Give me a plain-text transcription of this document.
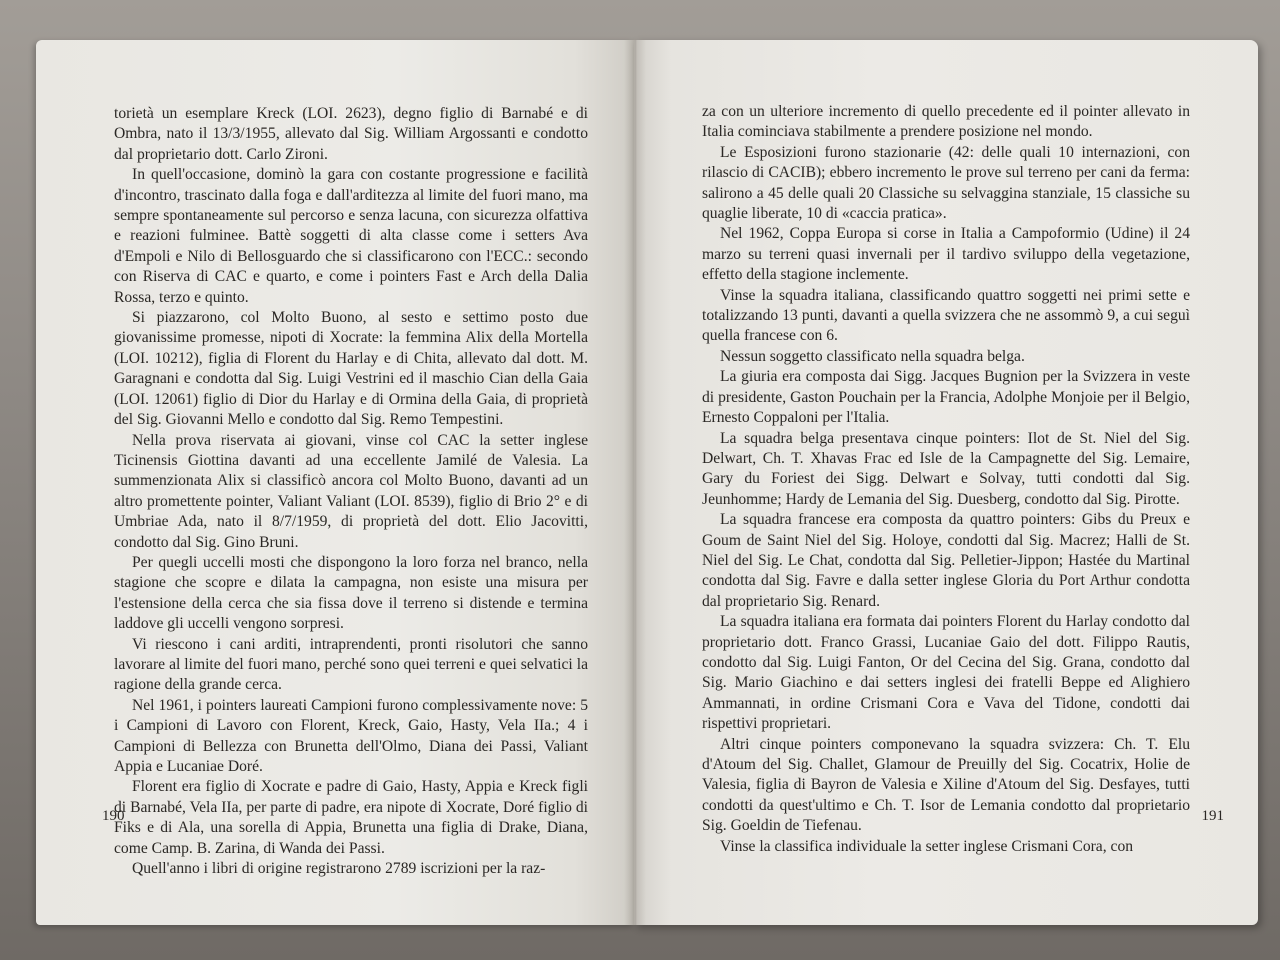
torietà un esemplare Kreck (LOI. 2623), degno figlio di Barnabé e di Ombra, nato il 13/3/1955, allevato dal Sig. William Argossanti e condotto dal proprietario dott. Carlo Zironi.

In quell'occasione, dominò la gara con costante progressione e facilità d'incontro, trascinato dalla foga e dall'arditezza al limite del fuori mano, ma sempre spontaneamente sul percorso e senza lacuna, con sicurezza olfattiva e reazioni fulminee. Battè soggetti di alta classe come i setters Ava d'Empoli e Nilo di Bellosguardo che si classificarono con l'ECC.: secondo con Riserva di CAC e quarto, e come i pointers Fast e Arch della Dalia Rossa, terzo e quinto.

Si piazzarono, col Molto Buono, al sesto e settimo posto due giovanissime promesse, nipoti di Xocrate: la femmina Alix della Mortella (LOI. 10212), figlia di Florent du Harlay e di Chita, allevato dal dott. M. Garagnani e condotta dal Sig. Luigi Vestrini ed il maschio Cian della Gaia (LOI. 12061) figlio di Dior du Harlay e di Ormina della Gaia, di proprietà del Sig. Giovanni Mello e condotto dal Sig. Remo Tempestini.

Nella prova riservata ai giovani, vinse col CAC la setter inglese Ticinensis Giottina davanti ad una eccellente Jamilé de Valesia. La summenzionata Alix si classificò ancora col Molto Buono, davanti ad un altro promettente pointer, Valiant Valiant (LOI. 8539), figlio di Brio 2° e di Umbriae Ada, nato il 8/7/1959, di proprietà del dott. Elio Jacovitti, condotto dal Sig. Gino Bruni.

Per quegli uccelli mosti che dispongono la loro forza nel branco, nella stagione che scopre e dilata la campagna, non esiste una misura per l'estensione della cerca che sia fissa dove il terreno si distende e termina laddove gli uccelli vengono sorpresi.

Vi riescono i cani arditi, intraprendenti, pronti risolutori che sanno lavorare al limite del fuori mano, perché sono quei terreni e quei selvatici la ragione della grande cerca.

Nel 1961, i pointers laureati Campioni furono complessivamente nove: 5 i Campioni di Lavoro con Florent, Kreck, Gaio, Hasty, Vela IIa.; 4 i Campioni di Bellezza con Brunetta dell'Olmo, Diana dei Passi, Valiant Appia e Lucaniae Doré.

Florent era figlio di Xocrate e padre di Gaio, Hasty, Appia e Kreck figli di Barnabé, Vela IIa, per parte di padre, era nipote di Xocrate, Doré figlio di Fiks e di Ala, una sorella di Appia, Brunetta una figlia di Drake, Diana, come Camp. B. Zarina, di Wanda dei Passi.

Quell'anno i libri di origine registrarono 2789 iscrizioni per la raz-

190

za con un ulteriore incremento di quello precedente ed il pointer allevato in Italia cominciava stabilmente a prendere posizione nel mondo.

Le Esposizioni furono stazionarie (42: delle quali 10 internazioni, con rilascio di CACIB); ebbero incremento le prove sul terreno per cani da ferma: salirono a 45 delle quali 20 Classiche su selvaggina stanziale, 15 classiche su quaglie liberate, 10 di «caccia pratica».

Nel 1962, Coppa Europa si corse in Italia a Campoformio (Udine) il 24 marzo su terreni quasi invernali per il tardivo sviluppo della vegetazione, effetto della stagione inclemente.

Vinse la squadra italiana, classificando quattro soggetti nei primi sette e totalizzando 13 punti, davanti a quella svizzera che ne assommò 9, a cui seguì quella francese con 6.

Nessun soggetto classificato nella squadra belga.

La giuria era composta dai Sigg. Jacques Bugnion per la Svizzera in veste di presidente, Gaston Pouchain per la Francia, Adolphe Monjoie per il Belgio, Ernesto Coppaloni per l'Italia.

La squadra belga presentava cinque pointers: Ilot de St. Niel del Sig. Delwart, Ch. T. Xhavas Frac ed Isle de la Campagnette del Sig. Lemaire, Gary du Foriest dei Sigg. Delwart e Solvay, tutti condotti dal Sig. Jeunhomme; Hardy de Lemania del Sig. Duesberg, condotto dal Sig. Pirotte.

La squadra francese era composta da quattro pointers: Gibs du Preux e Goum de Saint Niel del Sig. Holoye, condotti dal Sig. Macrez; Halli de St. Niel del Sig. Le Chat, condotta dal Sig. Pelletier-Jippon; Hastée du Martinal condotta dal Sig. Favre e dalla setter inglese Gloria du Port Arthur condotta dal proprietario Sig. Renard.

La squadra italiana era formata dai pointers Florent du Harlay condotto dal proprietario dott. Franco Grassi, Lucaniae Gaio del dott. Filippo Rautis, condotto dal Sig. Luigi Fanton, Or del Cecina del Sig. Grana, condotto dal Sig. Mario Giachino e dai setters inglesi dei fratelli Beppe ed Alighiero Ammannati, in ordine Crismani Cora e Vava del Tidone, condotti dai rispettivi proprietari.

Altri cinque pointers componevano la squadra svizzera: Ch. T. Elu d'Atoum del Sig. Challet, Glamour de Preuilly del Sig. Cocatrix, Holie de Valesia, figlia di Bayron de Valesia e Xiline d'Atoum del Sig. Desfayes, tutti condotti da quest'ultimo e Ch. T. Isor de Lemania condotto dal proprietario Sig. Goeldin de Tiefenau.

Vinse la classifica individuale la setter inglese Crismani Cora, con

191
